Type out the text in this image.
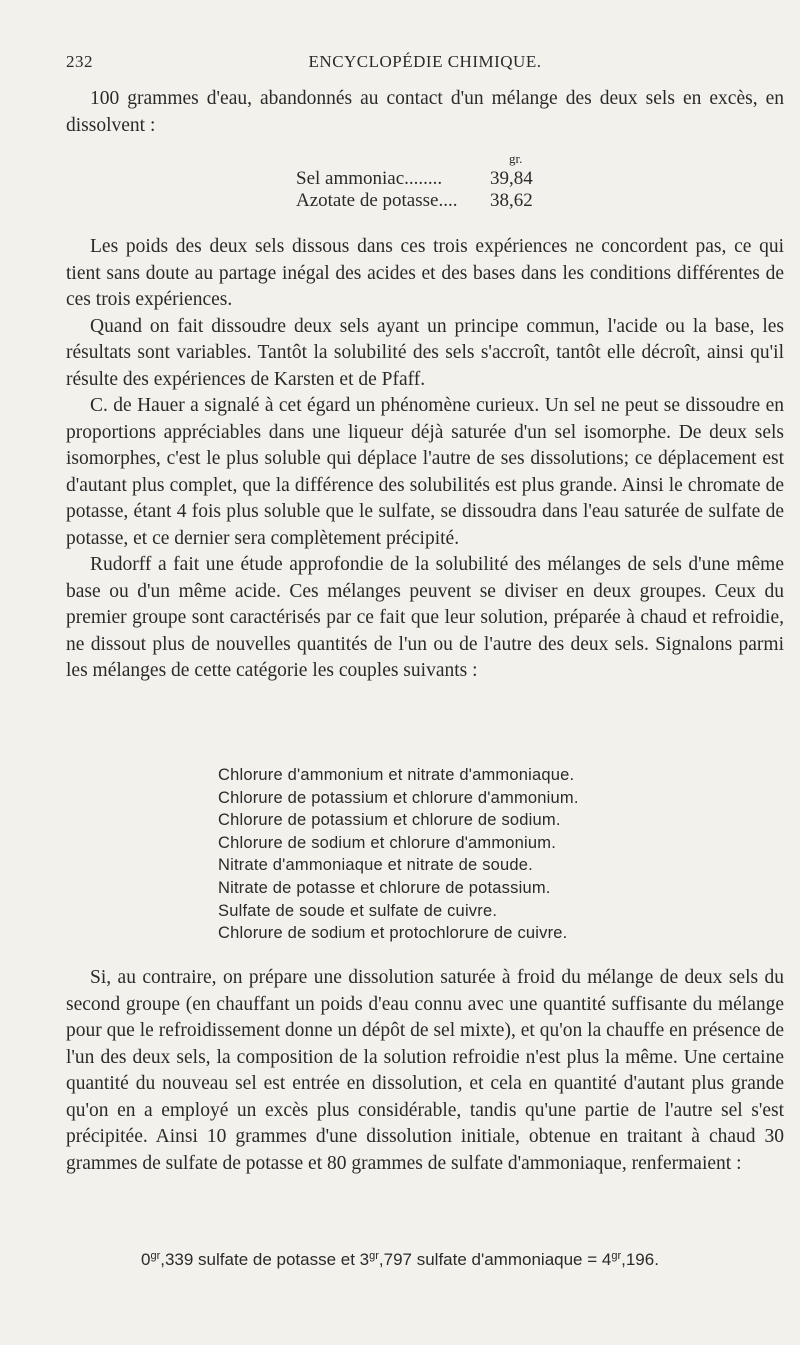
232	ENCYCLOPÉDIE CHIMIQUE.

100 grammes d'eau, abandonnés au contact d'un mélange des deux sels en excès, en dissolvent :

gr.
Sel ammoniac........	39,84
Azotate de potasse....	38,62

Les poids des deux sels dissous dans ces trois expériences ne concordent pas, ce qui tient sans doute au partage inégal des acides et des bases dans les conditions différentes de ces trois expériences.

Quand on fait dissoudre deux sels ayant un principe commun, l'acide ou la base, les résultats sont variables. Tantôt la solubilité des sels s'accroît, tantôt elle décroît, ainsi qu'il résulte des expériences de Karsten et de Pfaff.

C. de Hauer a signalé à cet égard un phénomène curieux. Un sel ne peut se dissoudre en proportions appréciables dans une liqueur déjà saturée d'un sel isomorphe. De deux sels isomorphes, c'est le plus soluble qui déplace l'autre de ses dissolutions; ce déplacement est d'autant plus complet, que la différence des solubilités est plus grande. Ainsi le chromate de potasse, étant 4 fois plus soluble que le sulfate, se dissoudra dans l'eau saturée de sulfate de potasse, et ce dernier sera complètement précipité.

Rudorff a fait une étude approfondie de la solubilité des mélanges de sels d'une même base ou d'un même acide. Ces mélanges peuvent se diviser en deux groupes. Ceux du premier groupe sont caractérisés par ce fait que leur solution, préparée à chaud et refroidie, ne dissout plus de nouvelles quantités de l'un ou de l'autre des deux sels. Signalons parmi les mélanges de cette catégorie les couples suivants :

Chlorure d'ammonium et nitrate d'ammoniaque.
Chlorure de potassium et chlorure d'ammonium.
Chlorure de potassium et chlorure de sodium.
Chlorure de sodium et chlorure d'ammonium.
Nitrate d'ammoniaque et nitrate de soude.
Nitrate de potasse et chlorure de potassium.
Sulfate de soude et sulfate de cuivre.
Chlorure de sodium et protochlorure de cuivre.

Si, au contraire, on prépare une dissolution saturée à froid du mélange de deux sels du second groupe (en chauffant un poids d'eau connu avec une quantité suffisante du mélange pour que le refroidissement donne un dépôt de sel mixte), et qu'on la chauffe en présence de l'un des deux sels, la composition de la solution refroidie n'est plus la même. Une certaine quantité du nouveau sel est entrée en dissolution, et cela en quantité d'autant plus grande qu'on en a employé un excès plus considérable, tandis qu'une partie de l'autre sel s'est précipitée. Ainsi 10 grammes d'une dissolution initiale, obtenue en traitant à chaud 30 grammes de sulfate de potasse et 80 grammes de sulfate d'ammoniaque, renfermaient :

$0^{gr},339$ sulfate de potasse et $3^{gr},797$ sulfate d'ammoniaque = $4^{gr},196$.
